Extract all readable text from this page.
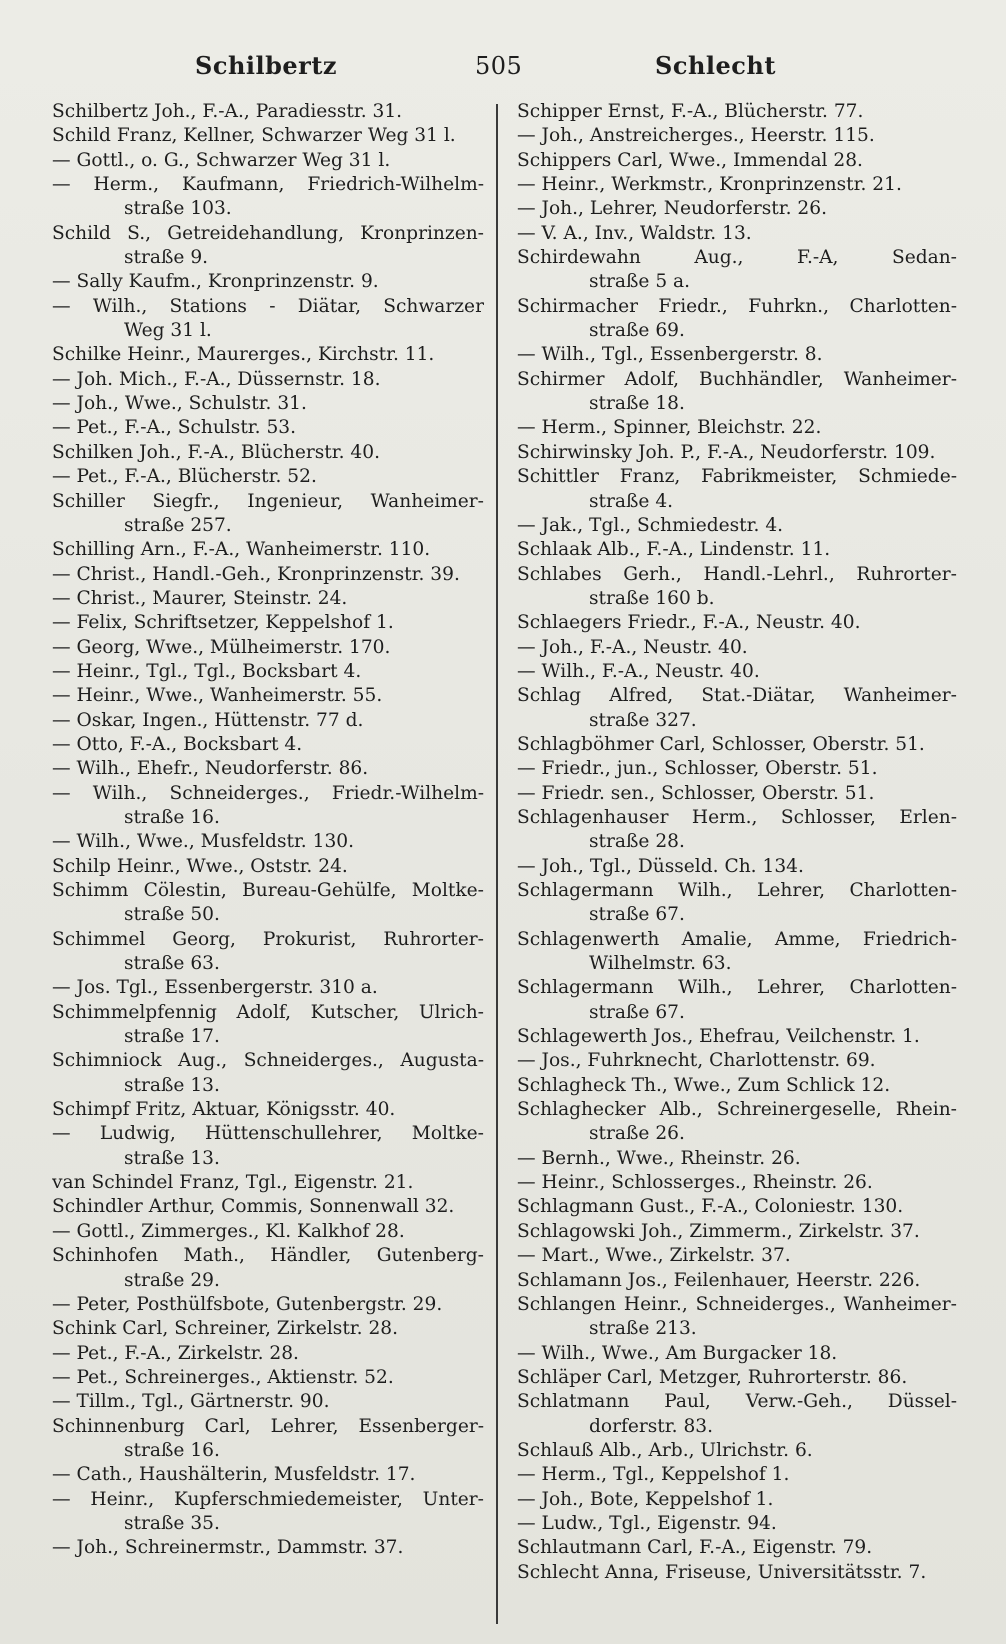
Schilbertz	505	Schlecht
Schilbertz Joh., F.-A., Paradiesstr. 31.
Schild Franz, Kellner, Schwarzer Weg 31 l.
— Gottl., o. G., Schwarzer Weg 31 l.
— Herm., Kaufmann, Friedrich-Wilhelm-
straße 103.
Schild S., Getreidehandlung, Kronprinzen-
straße 9.
— Sally Kaufm., Kronprinzenstr. 9.
— Wilh., Stations - Diätar, Schwarzer
Weg 31 l.
Schilke Heinr., Maurerges., Kirchstr. 11.
— Joh. Mich., F.-A., Düssernstr. 18.
— Joh., Wwe., Schulstr. 31.
— Pet., F.-A., Schulstr. 53.
Schilken Joh., F.-A., Blücherstr. 40.
— Pet., F.-A., Blücherstr. 52.
Schiller Siegfr., Ingenieur, Wanheimer-
straße 257.
Schilling Arn., F.-A., Wanheimerstr. 110.
— Christ., Handl.-Geh., Kronprinzenstr. 39.
— Christ., Maurer, Steinstr. 24.
— Felix, Schriftsetzer, Keppelshof 1.
— Georg, Wwe., Mülheimerstr. 170.
— Heinr., Tgl., Tgl., Bocksbart 4.
— Heinr., Wwe., Wanheimerstr. 55.
— Oskar, Ingen., Hüttenstr. 77 d.
— Otto, F.-A., Bocksbart 4.
— Wilh., Ehefr., Neudorferstr. 86.
— Wilh., Schneiderges., Friedr.-Wilhelm-
straße 16.
— Wilh., Wwe., Musfeldstr. 130.
Schilp Heinr., Wwe., Oststr. 24.
Schimm Cölestin, Bureau-Gehülfe, Moltke-
straße 50.
Schimmel Georg, Prokurist, Ruhrorter-
straße 63.
— Jos. Tgl., Essenbergerstr. 310 a.
Schimmelpfennig Adolf, Kutscher, Ulrich-
straße 17.
Schimniock Aug., Schneiderges., Augusta-
straße 13.
Schimpf Fritz, Aktuar, Königsstr. 40.
— Ludwig, Hüttenschullehrer, Moltke-
straße 13.
van Schindel Franz, Tgl., Eigenstr. 21.
Schindler Arthur, Commis, Sonnenwall 32.
— Gottl., Zimmerges., Kl. Kalkhof 28.
Schinhofen Math., Händler, Gutenberg-
straße 29.
— Peter, Posthülfsbote, Gutenbergstr. 29.
Schink Carl, Schreiner, Zirkelstr. 28.
— Pet., F.-A., Zirkelstr. 28.
— Pet., Schreinerges., Aktienstr. 52.
— Tillm., Tgl., Gärtnerstr. 90.
Schinnenburg Carl, Lehrer, Essenberger-
straße 16.
— Cath., Haushälterin, Musfeldstr. 17.
— Heinr., Kupferschmiedemeister, Unter-
straße 35.
— Joh., Schreinermstr., Dammstr. 37.
Schipper Ernst, F.-A., Blücherstr. 77.
— Joh., Anstreicherges., Heerstr. 115.
Schippers Carl, Wwe., Immendal 28.
— Heinr., Werkmstr., Kronprinzenstr. 21.
— Joh., Lehrer, Neudorferstr. 26.
— V. A., Inv., Waldstr. 13.
Schirdewahn	Aug.,	F.-A,	Sedan-
straße 5 a.
Schirmacher Friedr., Fuhrkn., Charlotten-
straße 69.
— Wilh., Tgl., Essenbergerstr. 8.
Schirmer Adolf, Buchhändler, Wanheimer-
straße 18.
— Herm., Spinner, Bleichstr. 22.
Schirwinsky Joh. P., F.-A., Neudorferstr. 109.
Schittler Franz, Fabrikmeister, Schmiede-
straße 4.
— Jak., Tgl., Schmiedestr. 4.
Schlaak Alb., F.-A., Lindenstr. 11.
Schlabes Gerh., Handl.-Lehrl., Ruhrorter-
straße 160 b.
Schlaegers Friedr., F.-A., Neustr. 40.
— Joh., F.-A., Neustr. 40.
— Wilh., F.-A., Neustr. 40.
Schlag Alfred, Stat.-Diätar, Wanheimer-
straße 327.
Schlagböhmer Carl, Schlosser, Oberstr. 51.
— Friedr., jun., Schlosser, Oberstr. 51.
— Friedr. sen., Schlosser, Oberstr. 51.
Schlagenhauser Herm., Schlosser, Erlen-
straße 28.
— Joh., Tgl., Düsseld. Ch. 134.
Schlagermann Wilh., Lehrer, Charlotten-
straße 67.
Schlagenwerth Amalie, Amme, Friedrich-
Wilhelmstr. 63.
Schlagermann Wilh., Lehrer, Charlotten-
straße 67.
Schlagewerth Jos., Ehefrau, Veilchenstr. 1.
— Jos., Fuhrknecht, Charlottenstr. 69.
Schlagheck Th., Wwe., Zum Schlick 12.
Schlaghecker Alb., Schreinergeselle, Rhein-
straße 26.
— Bernh., Wwe., Rheinstr. 26.
— Heinr., Schlosserges., Rheinstr. 26.
Schlagmann Gust., F.-A., Coloniestr. 130.
Schlagowski Joh., Zimmerm., Zirkelstr. 37.
— Mart., Wwe., Zirkelstr. 37.
Schlamann Jos., Feilenhauer, Heerstr. 226.
Schlangen Heinr., Schneiderges., Wanheimer-
straße 213.
— Wilh., Wwe., Am Burgacker 18.
Schläper Carl, Metzger, Ruhrorterstr. 86.
Schlatmann Paul, Verw.-Geh., Düssel-
dorferstr. 83.
Schlauß Alb., Arb., Ulrichstr. 6.
— Herm., Tgl., Keppelshof 1.
— Joh., Bote, Keppelshof 1.
— Ludw., Tgl., Eigenstr. 94.
Schlautmann Carl, F.-A., Eigenstr. 79.
Schlecht Anna, Friseuse, Universitätsstr. 7.
